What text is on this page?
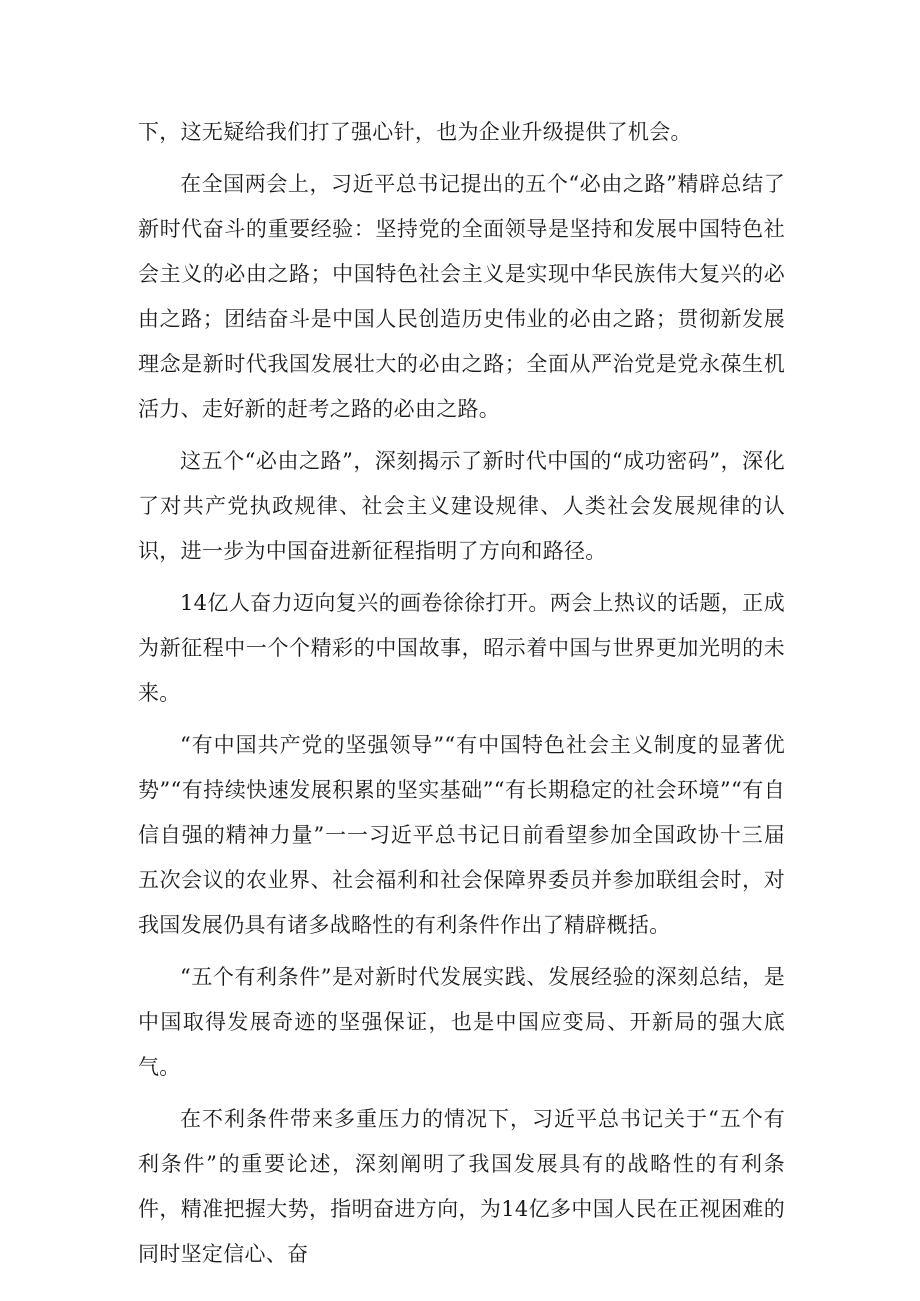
下，这无疑给我们打了强心针，也为企业升级提供了机会。

在全国两会上，习近平总书记提出的五个“必由之路”精辟总结了新时代奋斗的重要经验：坚持党的全面领导是坚持和发展中国特色社会主义的必由之路；中国特色社会主义是实现中华民族伟大复兴的必由之路；团结奋斗是中国人民创造历史伟业的必由之路；贯彻新发展理念是新时代我国发展壮大的必由之路；全面从严治党是党永葆生机活力、走好新的赶考之路的必由之路。

这五个“必由之路”，深刻揭示了新时代中国的“成功密码”，深化了对共产党执政规律、社会主义建设规律、人类社会发展规律的认识，进一步为中国奋进新征程指明了方向和路径。

14亿人奋力迈向复兴的画卷徐徐打开。两会上热议的话题，正成为新征程中一个个精彩的中国故事，昭示着中国与世界更加光明的未来。

“有中国共产党的坚强领导”“有中国特色社会主义制度的显著优势”“有持续快速发展积累的坚实基础”“有长期稳定的社会环境”“有自信自强的精神力量”一一习近平总书记日前看望参加全国政协十三届五次会议的农业界、社会福利和社会保障界委员并参加联组会时，对我国发展仍具有诸多战略性的有利条件作出了精辟概括。

“五个有利条件”是对新时代发展实践、发展经验的深刻总结，是中国取得发展奇迹的坚强保证，也是中国应变局、开新局的强大底气。

在不利条件带来多重压力的情况下，习近平总书记关于“五个有利条件”的重要论述，深刻阐明了我国发展具有的战略性的有利条件，精准把握大势，指明奋进方向，为14亿多中国人民在正视困难的同时坚定信心、奋
